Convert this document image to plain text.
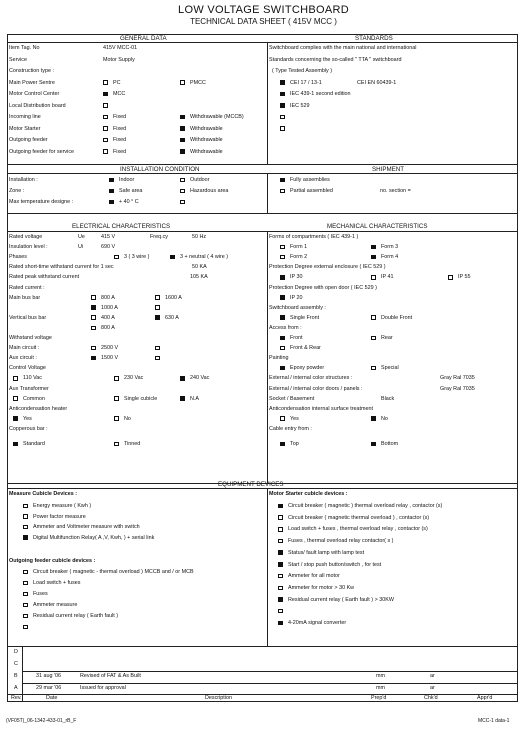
LOW VOLTAGE SWITCHBOARD
TECHNICAL DATA SHEET ( 415V MCC )
GENERAL DATA	STANDARDS
Item Tag. No	415V MCC-01
Service	Motor Supply
Construction type :
Main Power Sentre	PC	PMCC
Motor Control Center	MCC
Local Distribution board
Incoming line	Fixed	Withdrawable (MCCB)
Motor Starter	Fixed	Withdrawable
Outgoing feeder	Fixed	Withdrawable
Outgoing feeder for service	Fixed	Withdrawable
Switchboard complies with the main national and international
Standards concerning the so-called " TTA " switchboard
( Type Tested Assembly )
CEI 17 / 13-1	CEI EN 60439-1
IEC 439-1 second edition
IEC 529
INSTALLATION CONDITION	SHIPMENT
Installation :	Indoor	Outdoor
Zone :	Safe area	Hazardous area
Max temperature designe :	+ 40 ° C
Fully assemblies
Partial assembled	no. section =
ELECTRICAL CHARACTERISTICS	MECHANICAL CHARACTERISTICS
Rated voltage	Ue	415 V	Freq.cy	50 Hz
Insulation level :	Ui	690 V
Phases	3 ( 3 wire )	3 + neutral ( 4 wire )
Rated short-time withstand current for 1 sec	50 KA
Rated peak withstand current	105 KA
Rated current :
Main bus bar	800 A	1600 A
1000 A
Vertical bus bar	400 A	630 A
800 A
Withstand voltage
Main circuit :	2500 V
Aux circuit :	1500 V
Control Voltage
110 Vac	230 Vac	240 Vac
Aux Transformer
Common	Single cubicle	N.A
Anticondensation heater
Yes	No
Copperous bar :
Standard	Tinned
Forms of compartments ( IEC 439-1 )
Form 1	Form 3
Form 2	Form 4
Protection Degree external enclosure ( IEC 529 )
IP 30	IP 41	IP 55
Protection Degree with open door ( IEC 529 )
IP 20
Switchboard assembly :
Single Front	Double Front
Access from :
Front	Rear
Front & Rear
Painting
Epoxy powder	Special
External / internal color structures :	Gray Ral 7035
External / internal color doors / panels :	Gray Ral 7035
Socket / Basement	Black
Anticondensation internal surface treatment
Yes	No
Cable entry from :
Top	Bottom
EQUIPMENT DEVICES
Measure Cubicle Devices :
Energy measure ( Kwh )
Power factor measure
Ammeter and Voltmeter measure with switch
Digital Multifunction Relay( A ,V, Kwh, ) + serial link
Outgoing feeder cubicle devices :
Circuit breaker ( magnetic - thermal overload ) MCCB and / or MCB
Load switch + fuses
Fuses
Ammeter measure
Residual current relay ( Earth fault )
Motor Starter cubicle devices :
Circuit breaker ( magnetic ) thermal overload relay , contactor (s)
Circuit breaker ( magnetic thermal overload ) , contactor (s)
Load switch + fuses , thermal overload relay , contactor (s)
Fuses , thermal overload relay contactor( s )
Status/ fault lamp with lamp test
Start / stop push button/switch , for test
Ammeter for all motor
Ammeter for motor > 30 Kw
Residual current relay ( Earth fault ) > 30KW
4-20mA signal converter
D
C
B	31 aug '06	Revised of FAT & As Built	mm	ar
A	29 mar '06	Issued for approval	mm	ar
Rev.	Date	Description	Prep'd	Chk'd	Appr'd
(VF05T)_06-1342-433-01_rB_F	MCC-1 data-1
